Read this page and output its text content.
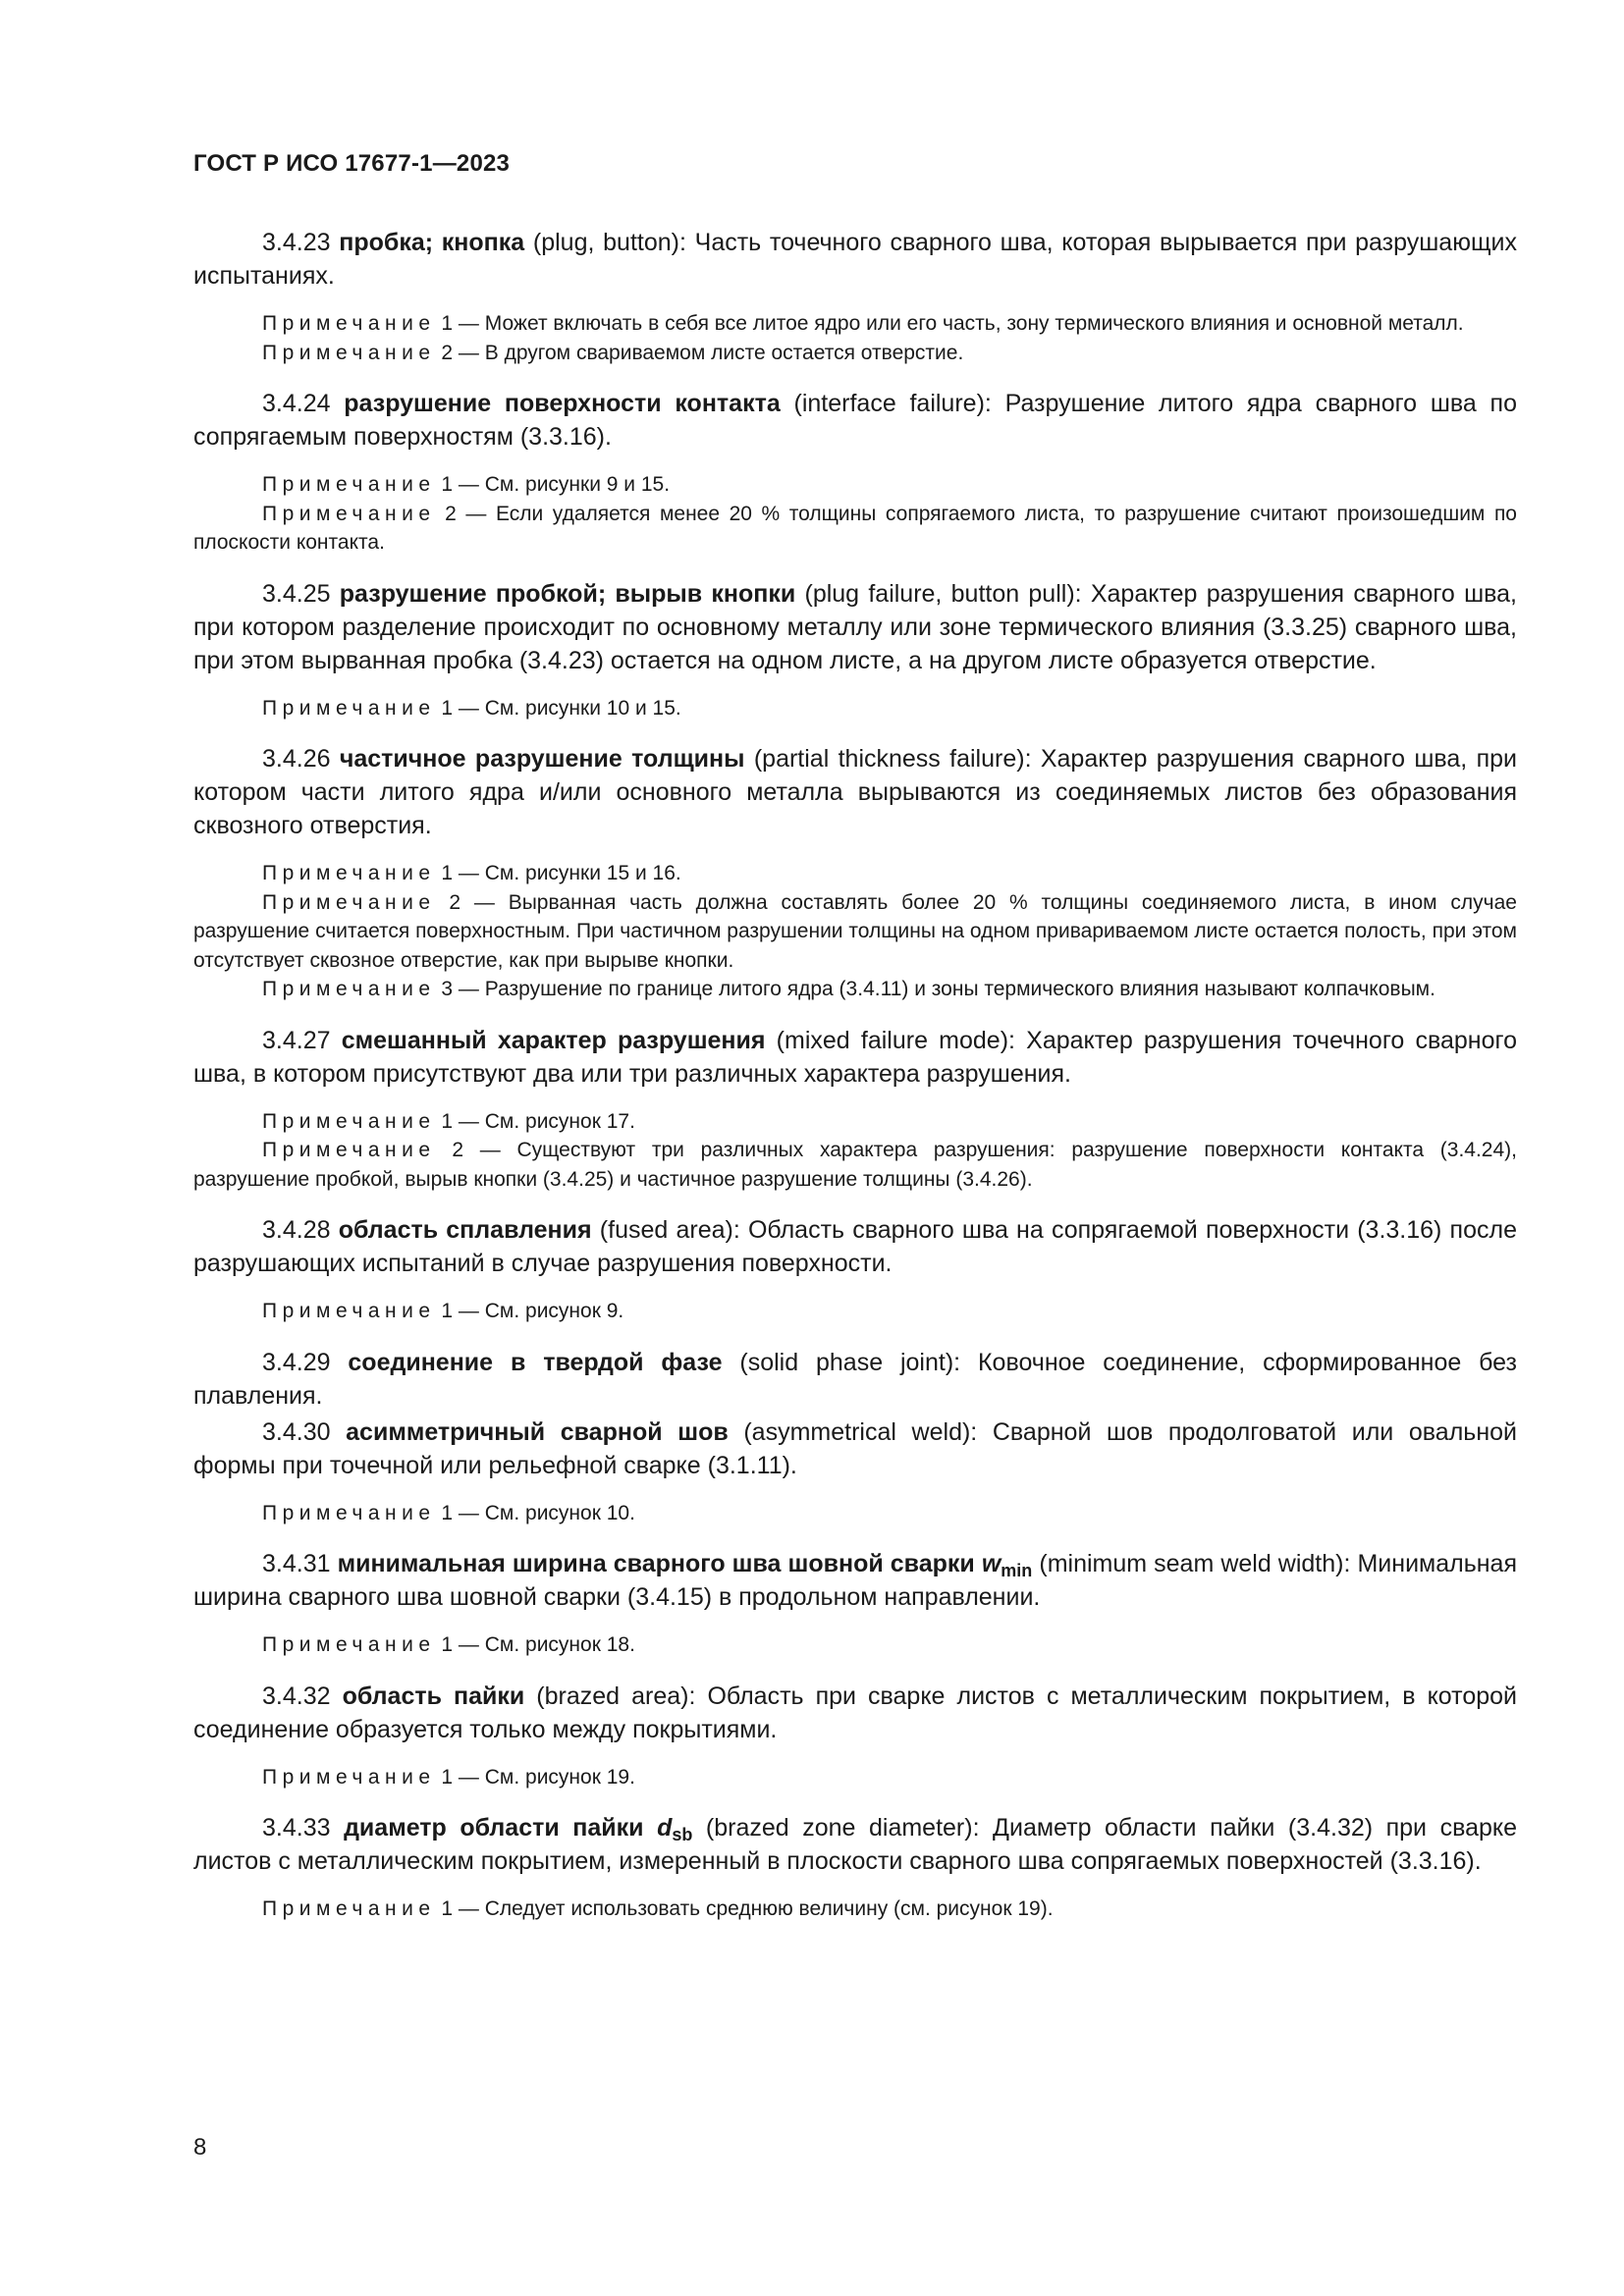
ГОСТ Р ИСО 17677-1—2023

3.4.23 пробка; кнопка (plug, button): Часть точечного сварного шва, которая вырывается при разрушающих испытаниях.

Примечание 1 — Может включать в себя все литое ядро или его часть, зону термического влияния и основной металл.

Примечание 2 — В другом свариваемом листе остается отверстие.

3.4.24 разрушение поверхности контакта (interface failure): Разрушение литого ядра сварного шва по сопрягаемым поверхностям (3.3.16).

Примечание 1 — См. рисунки 9 и 15.

Примечание 2 — Если удаляется менее 20 % толщины сопрягаемого листа, то разрушение считают произошедшим по плоскости контакта.

3.4.25 разрушение пробкой; вырыв кнопки (plug failure, button pull): Характер разрушения сварного шва, при котором разделение происходит по основному металлу или зоне термического влияния (3.3.25) сварного шва, при этом вырванная пробка (3.4.23) остается на одном листе, а на другом листе образуется отверстие.

Примечание 1 — См. рисунки 10 и 15.

3.4.26 частичное разрушение толщины (partial thickness failure): Характер разрушения сварного шва, при котором части литого ядра и/или основного металла вырываются из соединяемых листов без образования сквозного отверстия.

Примечание 1 — См. рисунки 15 и 16.

Примечание 2 — Вырванная часть должна составлять более 20 % толщины соединяемого листа, в ином случае разрушение считается поверхностным. При частичном разрушении толщины на одном привариваемом листе остается полость, при этом отсутствует сквозное отверстие, как при вырыве кнопки.

Примечание 3 — Разрушение по границе литого ядра (3.4.11) и зоны термического влияния называют колпачковым.

3.4.27 смешанный характер разрушения (mixed failure mode): Характер разрушения точечного сварного шва, в котором присутствуют два или три различных характера разрушения.

Примечание 1 — См. рисунок 17.

Примечание 2 — Существуют три различных характера разрушения: разрушение поверхности контакта (3.4.24), разрушение пробкой, вырыв кнопки (3.4.25) и частичное разрушение толщины (3.4.26).

3.4.28 область сплавления (fused area): Область сварного шва на сопрягаемой поверхности (3.3.16) после разрушающих испытаний в случае разрушения поверхности.

Примечание 1 — См. рисунок 9.

3.4.29 соединение в твердой фазе (solid phase joint): Ковочное соединение, сформированное без плавления.

3.4.30 асимметричный сварной шов (asymmetrical weld): Сварной шов продолговатой или овальной формы при точечной или рельефной сварке (3.1.11).

Примечание 1 — См. рисунок 10.

3.4.31 минимальная ширина сварного шва шовной сварки $w_{min}$ (minimum seam weld width): Минимальная ширина сварного шва шовной сварки (3.4.15) в продольном направлении.

Примечание 1 — См. рисунок 18.

3.4.32 область пайки (brazed area): Область при сварке листов с металлическим покрытием, в которой соединение образуется только между покрытиями.

Примечание 1 — См. рисунок 19.

3.4.33 диаметр области пайки $d_{sb}$ (brazed zone diameter): Диаметр области пайки (3.4.32) при сварке листов с металлическим покрытием, измеренный в плоскости сварного шва сопрягаемых поверхностей (3.3.16).

Примечание 1 — Следует использовать среднюю величину (см. рисунок 19).

8
